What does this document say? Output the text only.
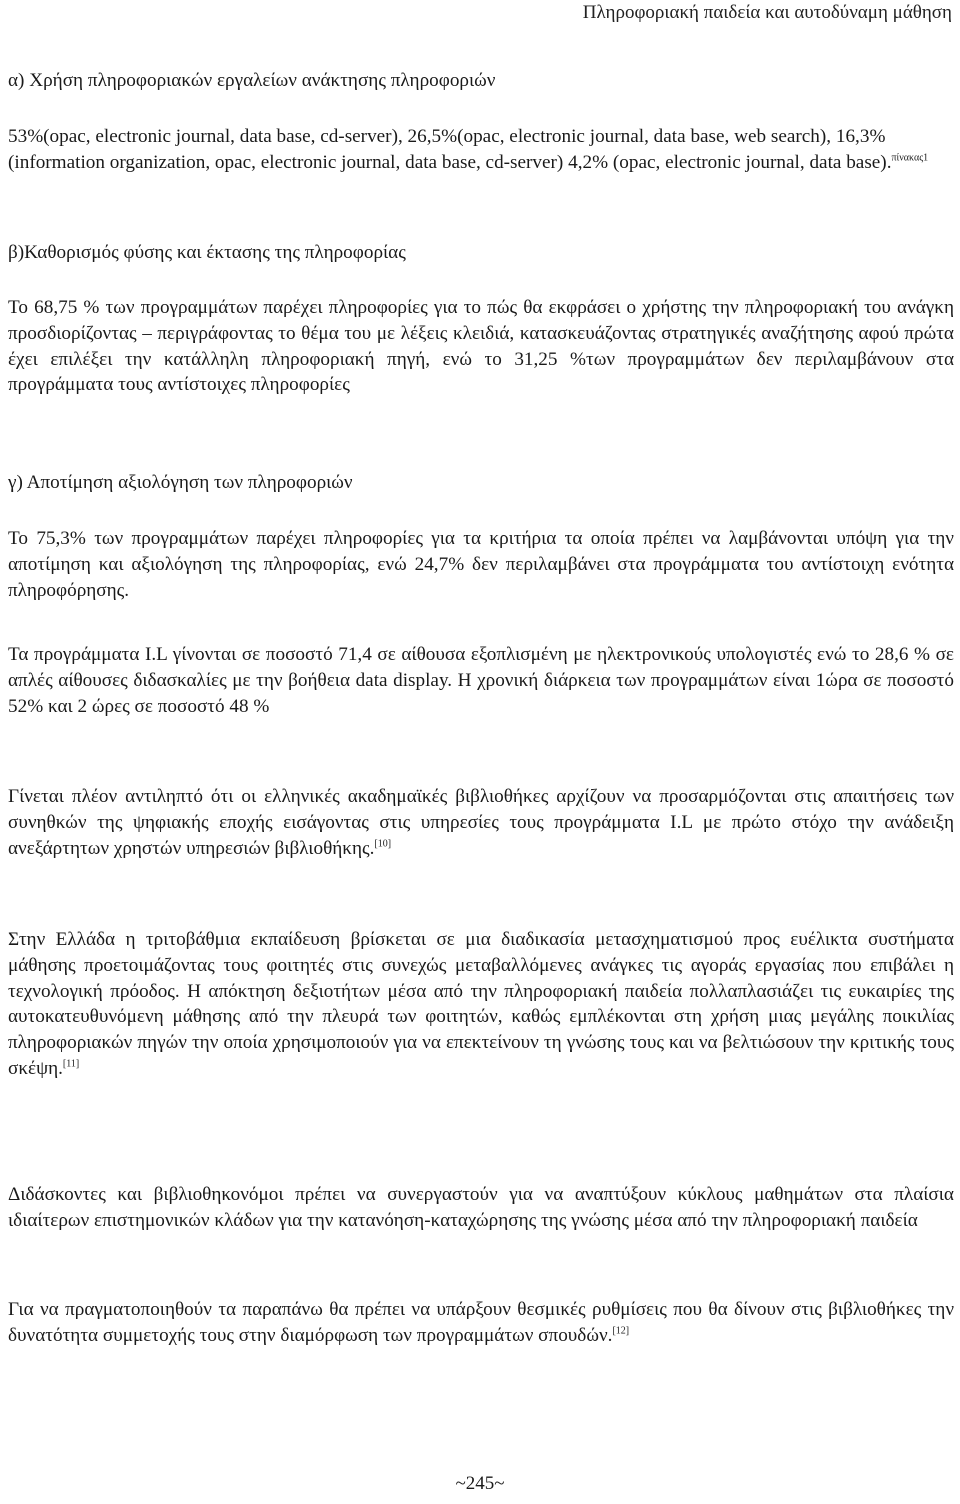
Πληροφοριακή παιδεία και αυτοδύναμη μάθηση

α) Χρήση πληροφοριακών εργαλείων ανάκτησης πληροφοριών

53%(opac, electronic journal, data base, cd-server), 26,5%(opac, electronic journal, data base, web search), 16,3% (information organization, opac, electronic journal, data base, cd-server) 4,2% (opac, electronic journal, data base).$^{\pi ί\nu\alpha\kappa\alpha\varsigma 1}$

β)Καθορισμός φύσης και έκτασης της πληροφορίας

Το 68,75 % των προγραμμάτων παρέχει πληροφορίες για το πώς θα εκφράσει ο χρήστης την πληροφοριακή του ανάγκη προσδιορίζοντας – περιγράφοντας το θέμα του με λέξεις κλειδιά, κατασκευάζοντας στρατηγικές αναζήτησης αφού πρώτα έχει επιλέξει την κατάλληλη πληροφοριακή πηγή, ενώ το 31,25 %των προγραμμάτων δεν περιλαμβάνουν στα προγράμματα τους αντίστοιχες πληροφορίες

γ) Αποτίμηση αξιολόγηση των πληροφοριών

Το 75,3% των προγραμμάτων παρέχει πληροφορίες για τα κριτήρια τα οποία πρέπει να λαμβάνονται υπόψη για την αποτίμηση και αξιολόγηση της πληροφορίας, ενώ 24,7% δεν περιλαμβάνει στα προγράμματα του αντίστοιχη ενότητα πληροφόρησης.

Τα προγράμματα Ι.L γίνονται σε ποσοστό 71,4 σε αίθουσα εξοπλισμένη με ηλεκτρονικούς υπολογιστές ενώ το 28,6 % σε απλές αίθουσες διδασκαλίες με την βοήθεια data display. Η χρονική διάρκεια των προγραμμάτων είναι 1ώρα σε ποσοστό 52% και 2 ώρες σε ποσοστό 48 %

Γίνεται πλέον αντιληπτό ότι οι ελληνικές ακαδημαϊκές βιβλιοθήκες αρχίζουν να προσαρμόζονται στις απαιτήσεις των συνηθκών της ψηφιακής εποχής εισάγοντας στις υπηρεσίες τους προγράμματα Ι.L με πρώτο στόχο την ανάδειξη ανεξάρτητων χρηστών υπηρεσιών βιβλιοθήκης.[10]

Στην Ελλάδα η τριτοβάθμια εκπαίδευση βρίσκεται σε μια διαδικασία μετασχηματισμού προς ευέλικτα συστήματα μάθησης προετοιμάζοντας τους φοιτητές στις συνεχώς μεταβαλλόμενες ανάγκες τις αγοράς εργασίας που επιβάλει η τεχνολογική πρόοδος. Η απόκτηση δεξιοτήτων μέσα από την πληροφοριακή παιδεία πολλαπλασιάζει τις ευκαιρίες της αυτοκατευθυνόμενη μάθησης από την πλευρά των φοιτητών, καθώς εμπλέκονται στη χρήση μιας μεγάλης ποικιλίας πληροφοριακών πηγών την οποία χρησιμοποιούν για να επεκτείνουν τη γνώσης τους και να βελτιώσουν την κριτικής τους σκέψη.[11]

Διδάσκοντες και βιβλιοθηκονόμοι πρέπει να συνεργαστούν για να αναπτύξουν κύκλους μαθημάτων στα πλαίσια ιδιαίτερων επιστημονικών κλάδων για την κατανόηση-καταχώρησης της γνώσης μέσα από την πληροφοριακή παιδεία

Για να πραγματοποιηθούν τα παραπάνω θα πρέπει να υπάρξουν θεσμικές ρυθμίσεις που θα δίνουν στις βιβλιοθήκες την δυνατότητα συμμετοχής τους στην διαμόρφωση των προγραμμάτων σπουδών.[12]

~245~
